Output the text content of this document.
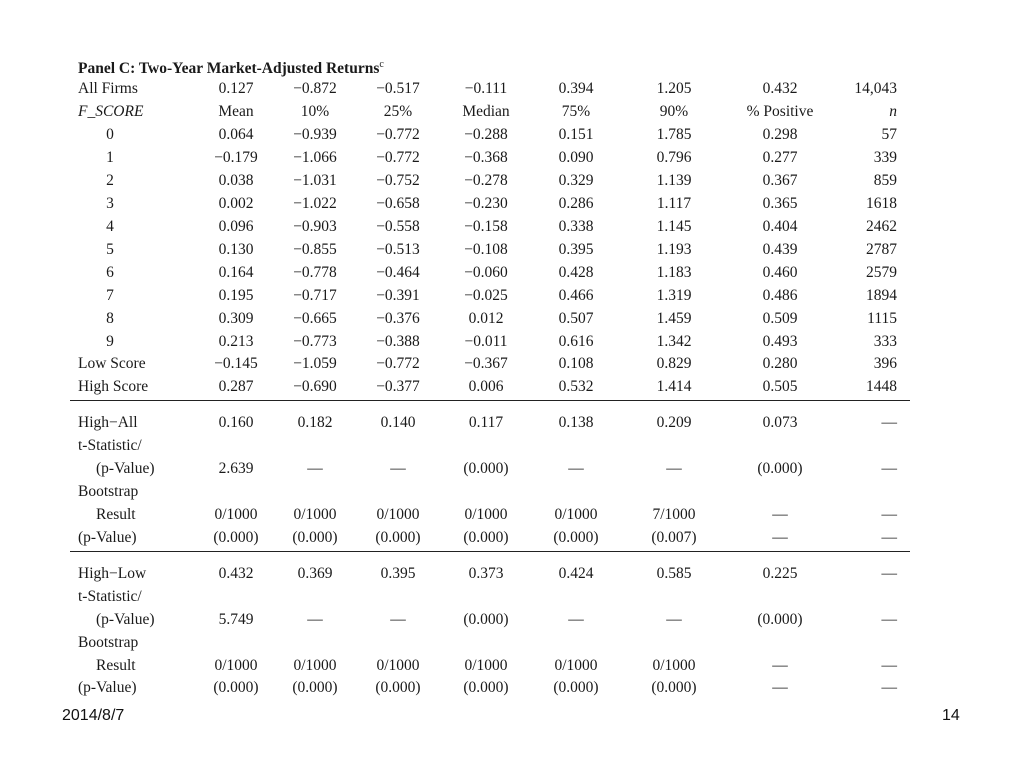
Panel C: Two-Year Market-Adjusted Returns$^c$
All Firms	0.127	−0.872	−0.517	−0.111	0.394	1.205	0.432	14,043
F_SCORE	Mean	10%	25%	Median	75%	90%	% Positive	n
0	0.064	−0.939	−0.772	−0.288	0.151	1.785	0.298	57
1	−0.179	−1.066	−0.772	−0.368	0.090	0.796	0.277	339
2	0.038	−1.031	−0.752	−0.278	0.329	1.139	0.367	859
3	0.002	−1.022	−0.658	−0.230	0.286	1.117	0.365	1618
4	0.096	−0.903	−0.558	−0.158	0.338	1.145	0.404	2462
5	0.130	−0.855	−0.513	−0.108	0.395	1.193	0.439	2787
6	0.164	−0.778	−0.464	−0.060	0.428	1.183	0.460	2579
7	0.195	−0.717	−0.391	−0.025	0.466	1.319	0.486	1894
8	0.309	−0.665	−0.376	0.012	0.507	1.459	0.509	1115
9	0.213	−0.773	−0.388	−0.011	0.616	1.342	0.493	333
Low Score	−0.145	−1.059	−0.772	−0.367	0.108	0.829	0.280	396
High Score	0.287	−0.690	−0.377	0.006	0.532	1.414	0.505	1448
High−All	0.160	0.182	0.140	0.117	0.138	0.209	0.073	—
t-Statistic/
(p-Value)	2.639	—	—	(0.000)	—	—	(0.000)	—
Bootstrap
Result	0/1000	0/1000	0/1000	0/1000	0/1000	7/1000	—	—
(p-Value)	(0.000)	(0.000)	(0.000)	(0.000)	(0.000)	(0.007)	—	—
High−Low	0.432	0.369	0.395	0.373	0.424	0.585	0.225	—
t-Statistic/
(p-Value)	5.749	—	—	(0.000)	—	—	(0.000)	—
Bootstrap
Result	0/1000	0/1000	0/1000	0/1000	0/1000	0/1000	—	—
(p-Value)	(0.000)	(0.000)	(0.000)	(0.000)	(0.000)	(0.000)	—	—
2014/8/7	14
